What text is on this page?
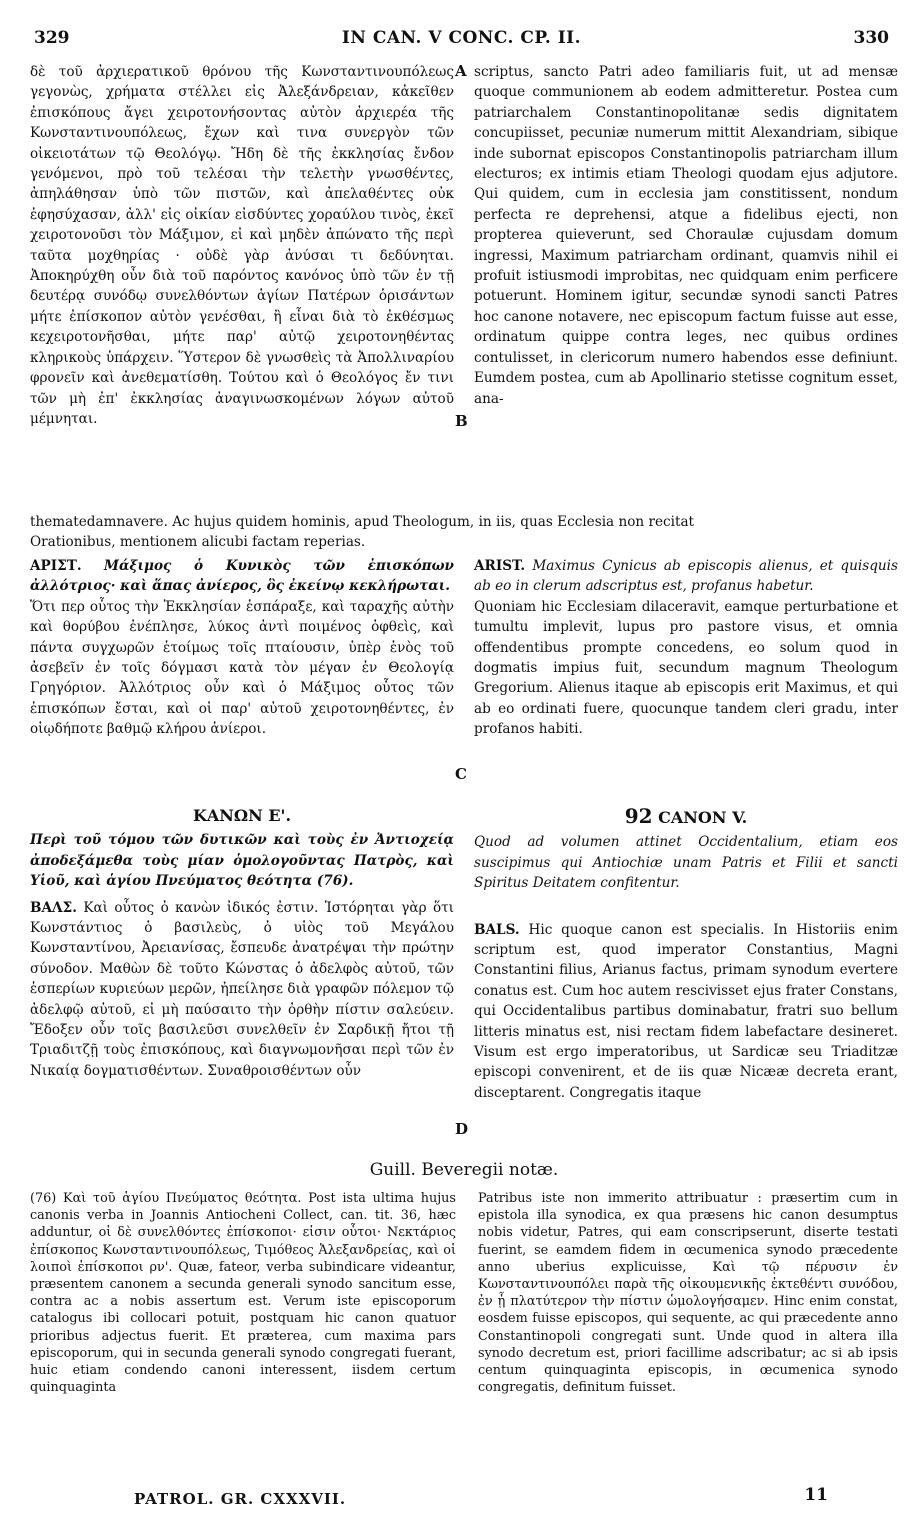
329	IN CAN. V CONC. CP. II.	330

δὲ τοῦ ἀρχιερατικοῦ θρόνου τῆς Κωνσταντινουπόλεως γεγονὼς, χρήματα στέλλει εἰς Ἀλεξάνδρειαν, κἀκεῖθεν ἐπισκόπους ἄγει χειροτονήσοντας αὐτὸν ἀρχιερέα τῆς Κωνσταντινουπόλεως, ἔχων καὶ τινα συνεργὸν τῶν οἰκειοτάτων τῷ Θεολόγῳ. Ἤδη δὲ τῆς ἐκκλησίας ἔνδον γενόμενοι, πρὸ τοῦ τελέσαι τὴν τελετὴν γνωσθέντες, ἀπηλάθησαν ὑπὸ τῶν πιστῶν, καὶ ἀπελαθέντες οὐκ ἐφησύχασαν, ἀλλ' εἰς οἰκίαν εἰσδύντες χοραύλου τινὸς, ἐκεῖ χειροτονοῦσι τὸν Μάξιμον, εἰ καὶ μηδὲν ἀπώνατο τῆς περὶ ταῦτα μοχθηρίας · οὐδὲ γὰρ ἀνύσαι τι δεδύνηται. Ἀποκηρύχθη οὖν διὰ τοῦ παρόντος κανόνος ὑπὸ τῶν ἐν τῇ δευτέρᾳ συνόδῳ συνελθόντων ἁγίων Πατέρων ὁρισάντων μήτε ἐπίσκοπον αὐτὸν γενέσθαι, ἢ εἶναι διὰ τὸ ἐκθέσμως κεχειροτονῆσθαι, μήτε παρ' αὐτῷ χειροτονηθέντας κληρικοὺς ὑπάρχειν. Ὕστερον δὲ γνωσθεὶς τὰ Ἀπολλιναρίου φρονεῖν καὶ ἀνεθεματίσθη. Τούτου καὶ ὁ Θεολόγος ἔν τινι τῶν μὴ ἐπ' ἐκκλησίας ἀναγινωσκομένων λόγων αὐτοῦ μέμνηται.

scriptus, sancto Patri adeo familiaris fuit, ut ad mensæ quoque communionem ab eodem admitteretur. Postea cum patriarchalem Constantinopolitanæ sedis dignitatem concupiisset, pecuniæ numerum mittit Alexandriam, sibique inde subornat episcopos Constantinopolis patriarcham illum electuros; ex intimis etiam Theologi quodam ejus adjutore. Qui quidem, cum in ecclesia jam constitissent, nondum perfecta re deprehensi, atque a fidelibus ejecti, non propterea quieverunt, sed Choraulæ cujusdam domum ingressi, Maximum patriarcham ordinant, quamvis nihil ei profuit istiusmodi improbitas, nec quidquam enim perficere potuerunt. Hominem igitur, secundæ synodi sancti Patres hoc canone notavere, nec episcopum factum fuisse aut esse, ordinatum quippe contra leges, nec quibus ordines contulisset, in clericorum numero habendos esse definiunt. Eumdem postea, cum ab Apollinario stetisse cognitum esset, ana-

A
B
C
D

thematedamnavere. Ac hujus quidem hominis, apud Theologum, in iis, quas Ecclesia non recitat

Orationibus, mentionem alicubi factam reperias.

ΑΡΙΣΤ. Μάξιμος ὁ Κυνικὸς τῶν ἐπισκόπων ἀλλότριος· καὶ ἅπας ἀνίερος, ὃς ἐκείνῳ κεκλήρωται.

Ὅτι περ οὗτος τὴν Ἐκκλησίαν ἐσπάραξε, καὶ ταραχῆς αὐτὴν καὶ θορύβου ἐνέπλησε, λύκος ἀντὶ ποιμένος ὀφθεὶς, καὶ πάντα συγχωρῶν ἑτοίμως τοῖς πταίουσιν, ὑπὲρ ἑνὸς τοῦ ἀσεβεῖν ἐν τοῖς δόγμασι κατὰ τὸν μέγαν ἐν Θεολογίᾳ Γρηγόριον. Ἀλλότριος οὖν καὶ ὁ Μάξιμος οὗτος τῶν ἐπισκόπων ἔσται, καὶ οἱ παρ' αὐτοῦ χειροτονηθέντες, ἐν οἱῳδήποτε βαθμῷ κλήρου ἀνίεροι.

ARIST. Maximus Cynicus ab episcopis alienus, et quisquis ab eo in clerum adscriptus est, profanus habetur.

Quoniam hic Ecclesiam dilaceravit, eamque perturbatione et tumultu implevit, lupus pro pastore visus, et omnia offendentibus prompte concedens, eo solum quod in dogmatis impius fuit, secundum magnum Theologum Gregorium. Alienus itaque ab episcopis erit Maximus, et qui ab eo ordinati fuere, quocunque tandem cleri gradu, inter profanos habiti.

ΚΑΝΩΝ Ε'.

Περὶ τοῦ τόμου τῶν δυτικῶν καὶ τοὺς ἐν Ἀντιοχείᾳ ἀποδεξάμεθα τοὺς μίαν ὁμολογοῦντας Πατρὸς, καὶ Υἱοῦ, καὶ ἁγίου Πνεύματος θεότητα (76).

ΒΑΛΣ. Καὶ οὗτος ὁ κανὼν ἰδικός ἐστιν. Ἱστόρηται γὰρ ὅτι Κωνστάντιος ὁ βασιλεὺς, ὁ υἱὸς τοῦ Μεγάλου Κωνσταντίνου, Ἀρειανίσας, ἔσπευδε ἀνατρέψαι τὴν πρώτην σύνοδον. Μαθὼν δὲ τοῦτο Κώνστας ὁ ἀδελφὸς αὐτοῦ, τῶν ἑσπερίων κυριεύων μερῶν, ἠπείλησε διὰ γραφῶν πόλεμον τῷ ἀδελφῷ αὐτοῦ, εἰ μὴ παύσαιτο τὴν ὀρθὴν πίστιν σαλεύειν. Ἔδοξεν οὖν τοῖς βασιλεῦσι συνελθεῖν ἐν Σαρδικῇ ἤτοι τῇ Τριαδιτζῇ τοὺς ἐπισκόπους, καὶ διαγνωμονῆσαι περὶ τῶν ἐν Νικαίᾳ δογματισθέντων. Συναθροισθέντων οὖν

92 CANON V.

Quod ad volumen attinet Occidentalium, etiam eos suscipimus qui Antiochiæ unam Patris et Filii et sancti Spiritus Deitatem confitentur.

BALS. Hic quoque canon est specialis. In Historiis enim scriptum est, quod imperator Constantius, Magni Constantini filius, Arianus factus, primam synodum evertere conatus est. Cum hoc autem rescivisset ejus frater Constans, qui Occidentalibus partibus dominabatur, fratri suo bellum litteris minatus est, nisi rectam fidem labefactare desineret. Visum est ergo imperatoribus, ut Sardicæ seu Triaditzæ episcopi convenirent, et de iis quæ Nicææ decreta erant, disceptarent. Congregatis itaque

Guill. Beveregii notæ.
(76) Καὶ τοῦ ἁγίου Πνεύματος θεότητα. Post ista ultima hujus canonis verba in Joannis Antiocheni Collect, can. tit. 36, hæc adduntur, οἱ δὲ συνελθόντες ἐπίσκοποι· εἰσιν οὗτοι· Νεκτάριος ἐπίσκοπος Κωνσταντινουπόλεως, Τιμόθεος Ἀλεξανδρείας, καὶ οἱ λοιποὶ ἐπίσκοποι ρν'. Quæ, fateor, verba subindicare videantur, præsentem canonem a secunda generali synodo sancitum esse, contra ac a nobis assertum est. Verum iste episcoporum catalogus ibi collocari potuit, postquam hic canon quatuor prioribus adjectus fuerit. Et præterea, cum maxima pars episcoporum, qui in secunda generali synodo congregati fuerant, huic etiam condendo canoni interessent, iisdem certum quinquaginta
Patribus iste non immerito attribuatur : præsertim cum in epistola illa synodica, ex qua præsens hic canon desumptus nobis videtur, Patres, qui eam conscripserunt, diserte testati fuerint, se eamdem fidem in œcumenica synodo præcedente anno uberius explicuisse, Καὶ τῷ πέρυσιν ἐν Κωνσταντινουπόλει παρὰ τῆς οἰκουμενικῆς ἐκτεθέντι συνόδου, ἐν ᾗ πλατύτερον τὴν πίστιν ὡμολογήσαμεν. Hinc enim constat, eosdem fuisse episcopos, qui sequente, ac qui præcedente anno Constantinopoli congregati sunt. Unde quod in altera illa synodo decretum est, priori facillime adscribatur; ac si ab ipsis centum quinquaginta episcopis, in œcumenica synodo congregatis, definitum fuisset.
PATROL. GR. CXXXVII.	11
